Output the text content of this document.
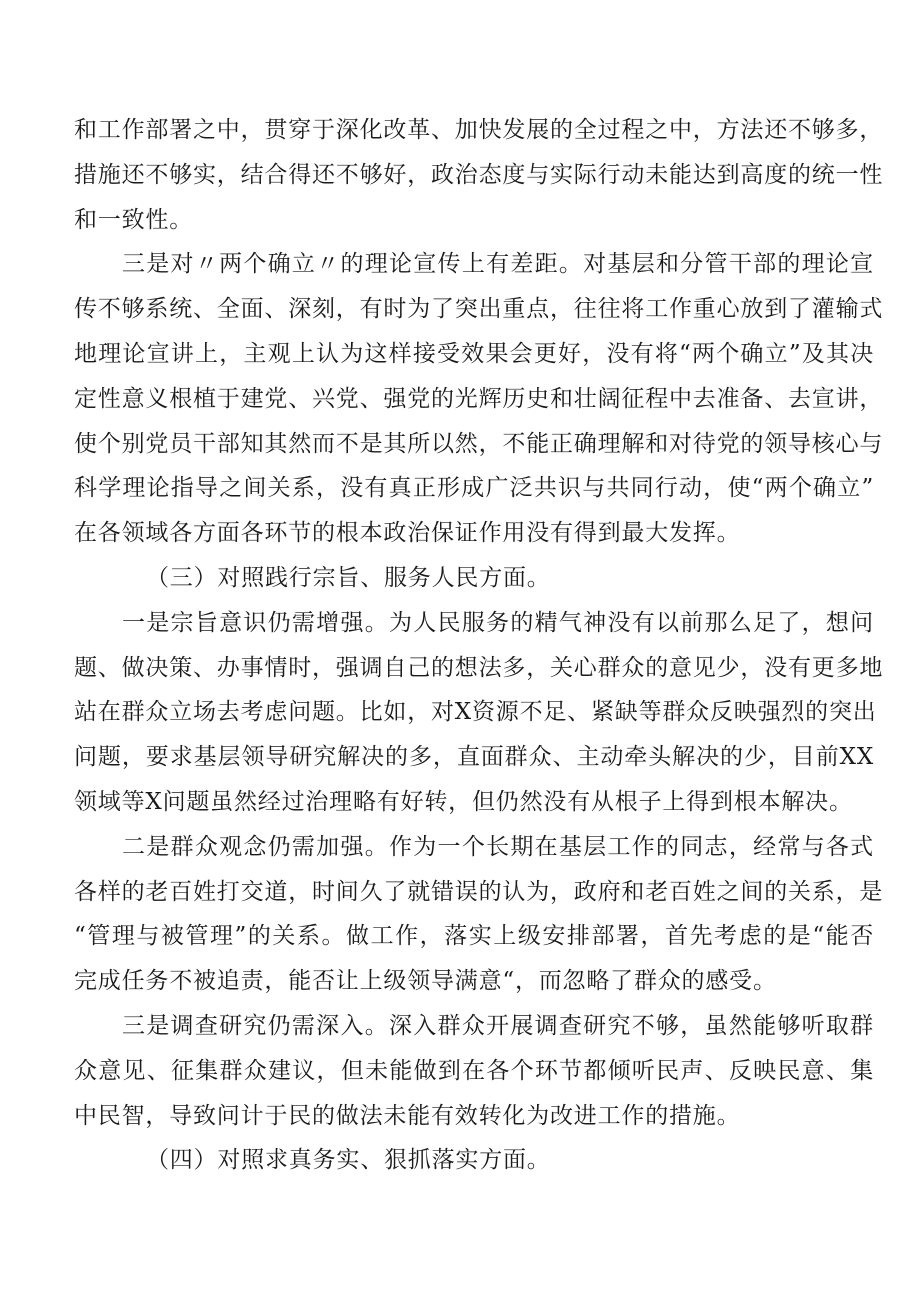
和工作部署之中，贯穿于深化改革、加快发展的全过程之中，方法还不够多，
措施还不够实，结合得还不够好，政治态度与实际行动未能达到高度的统一性
和一致性。
三是对〃两个确立〃的理论宣传上有差距。对基层和分管干部的理论宣
传不够系统、全面、深刻，有时为了突出重点，往往将工作重心放到了灌输式
地理论宣讲上，主观上认为这样接受效果会更好，没有将“两个确立”及其决
定性意义根植于建党、兴党、强党的光辉历史和壮阔征程中去准备、去宣讲，
使个别党员干部知其然而不是其所以然，不能正确理解和对待党的领导核心与
科学理论指导之间关系，没有真正形成广泛共识与共同行动，使“两个确立”
在各领域各方面各环节的根本政治保证作用没有得到最大发挥。
（三）对照践行宗旨、服务人民方面。
一是宗旨意识仍需增强。为人民服务的精气神没有以前那么足了，想问
题、做决策、办事情时，强调自己的想法多，关心群众的意见少，没有更多地
站在群众立场去考虑问题。比如，对X资源不足、紧缺等群众反映强烈的突出
问题，要求基层领导研究解决的多，直面群众、主动牵头解决的少，目前XX
领域等X问题虽然经过治理略有好转，但仍然没有从根子上得到根本解决。
二是群众观念仍需加强。作为一个长期在基层工作的同志，经常与各式
各样的老百姓打交道，时间久了就错误的认为，政府和老百姓之间的关系，是
“管理与被管理”的关系。做工作，落实上级安排部署，首先考虑的是“能否
完成任务不被追责，能否让上级领导满意“，而忽略了群众的感受。
三是调查研究仍需深入。深入群众开展调查研究不够，虽然能够听取群
众意见、征集群众建议，但未能做到在各个环节都倾听民声、反映民意、集
中民智，导致问计于民的做法未能有效转化为改进工作的措施。
（四）对照求真务实、狠抓落实方面。
